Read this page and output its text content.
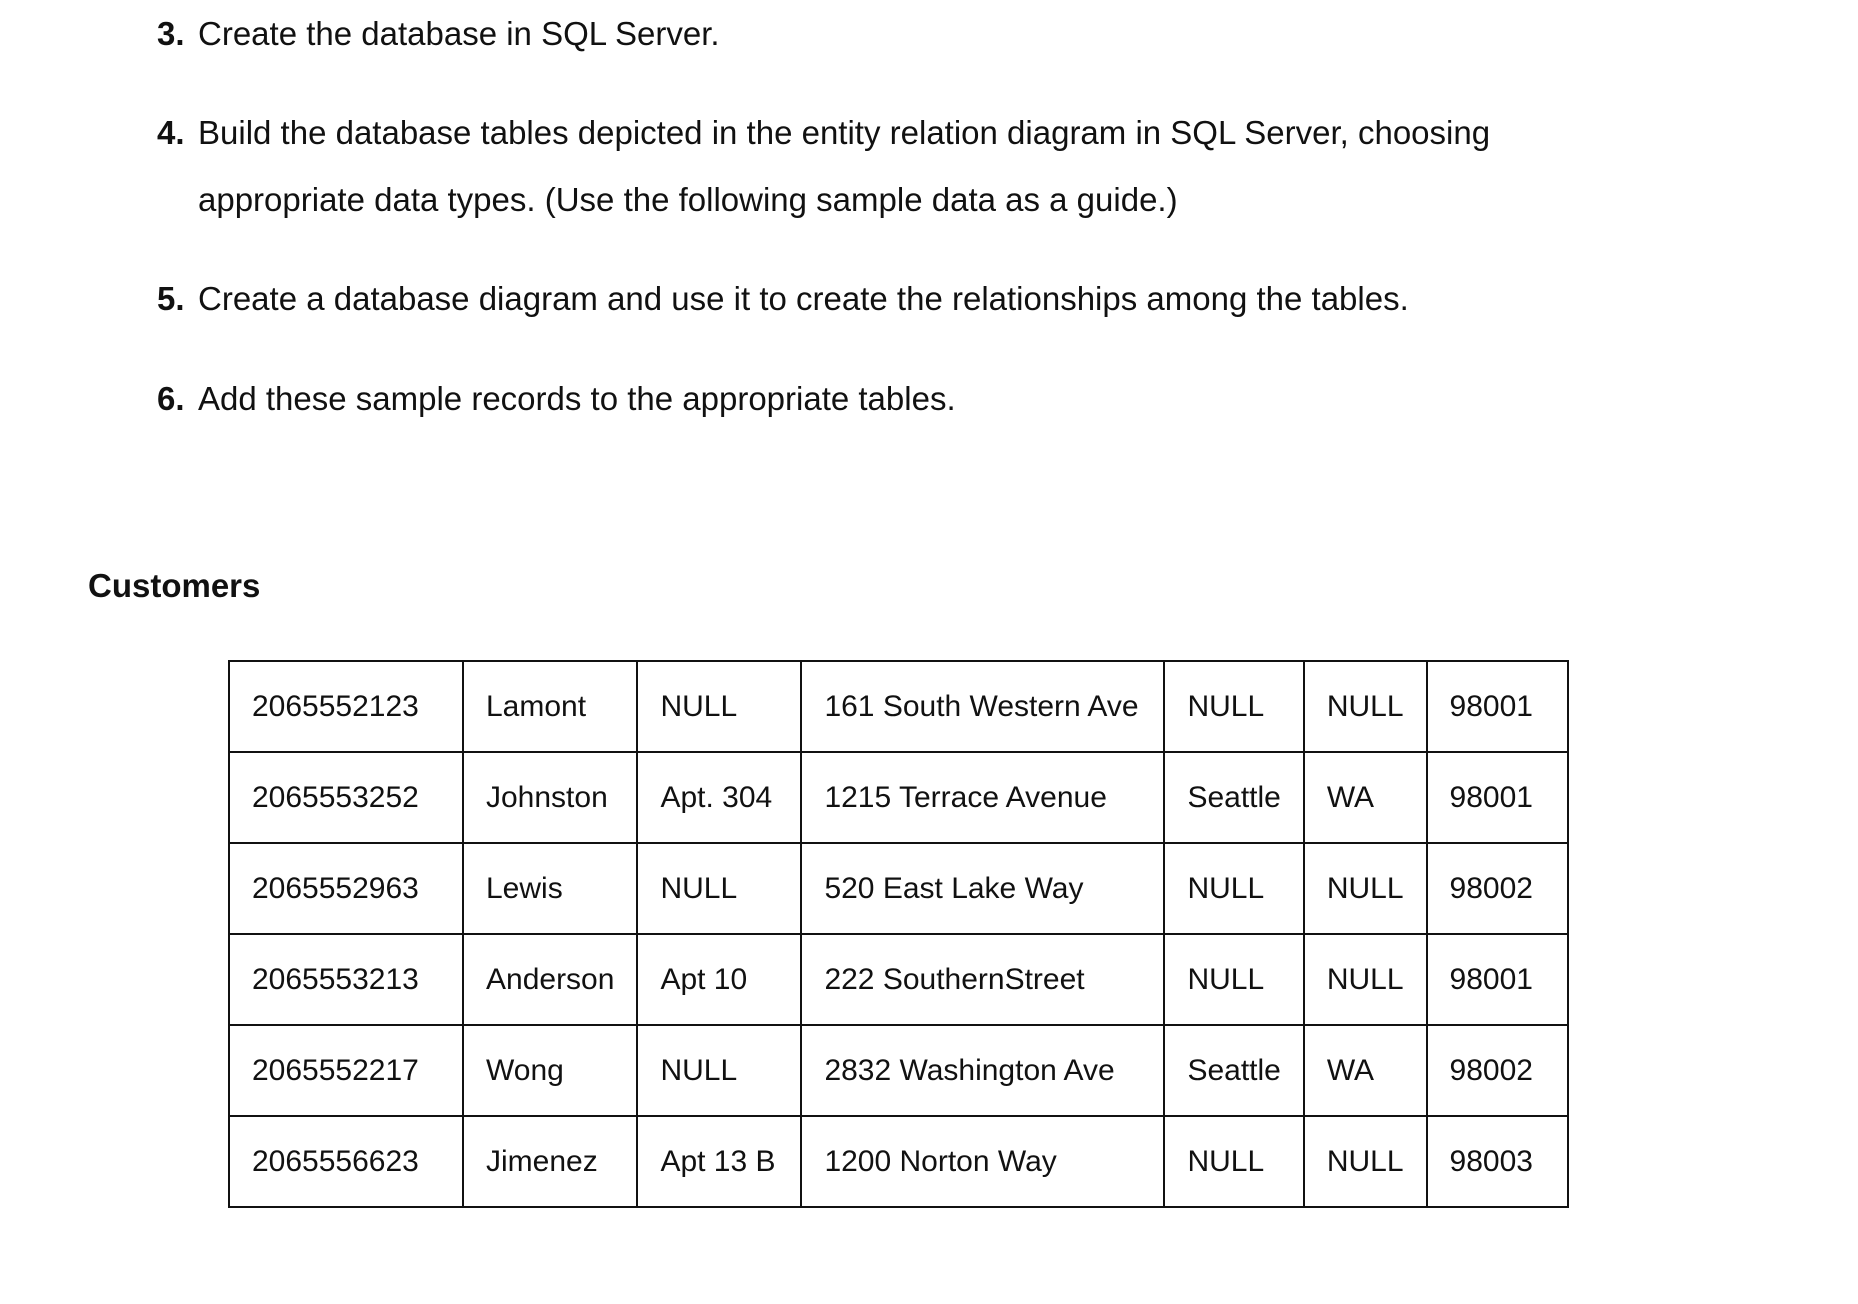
3. Create the database in SQL Server.
4. Build the database tables depicted in the entity relation diagram in SQL Server, choosing appropriate data types. (Use the following sample data as a guide.)
5. Create a database diagram and use it to create the relationships among the tables.
6. Add these sample records to the appropriate tables.
Customers
2065552123	Lamont	NULL	161 South Western Ave	NULL	NULL	98001
2065553252	Johnston	Apt. 304	1215 Terrace Avenue	Seattle	WA	98001
2065552963	Lewis	NULL	520 East Lake Way	NULL	NULL	98002
2065553213	Anderson	Apt 10	222 SouthernStreet	NULL	NULL	98001
2065552217	Wong	NULL	2832 Washington Ave	Seattle	WA	98002
2065556623	Jimenez	Apt 13 B	1200 Norton Way	NULL	NULL	98003
